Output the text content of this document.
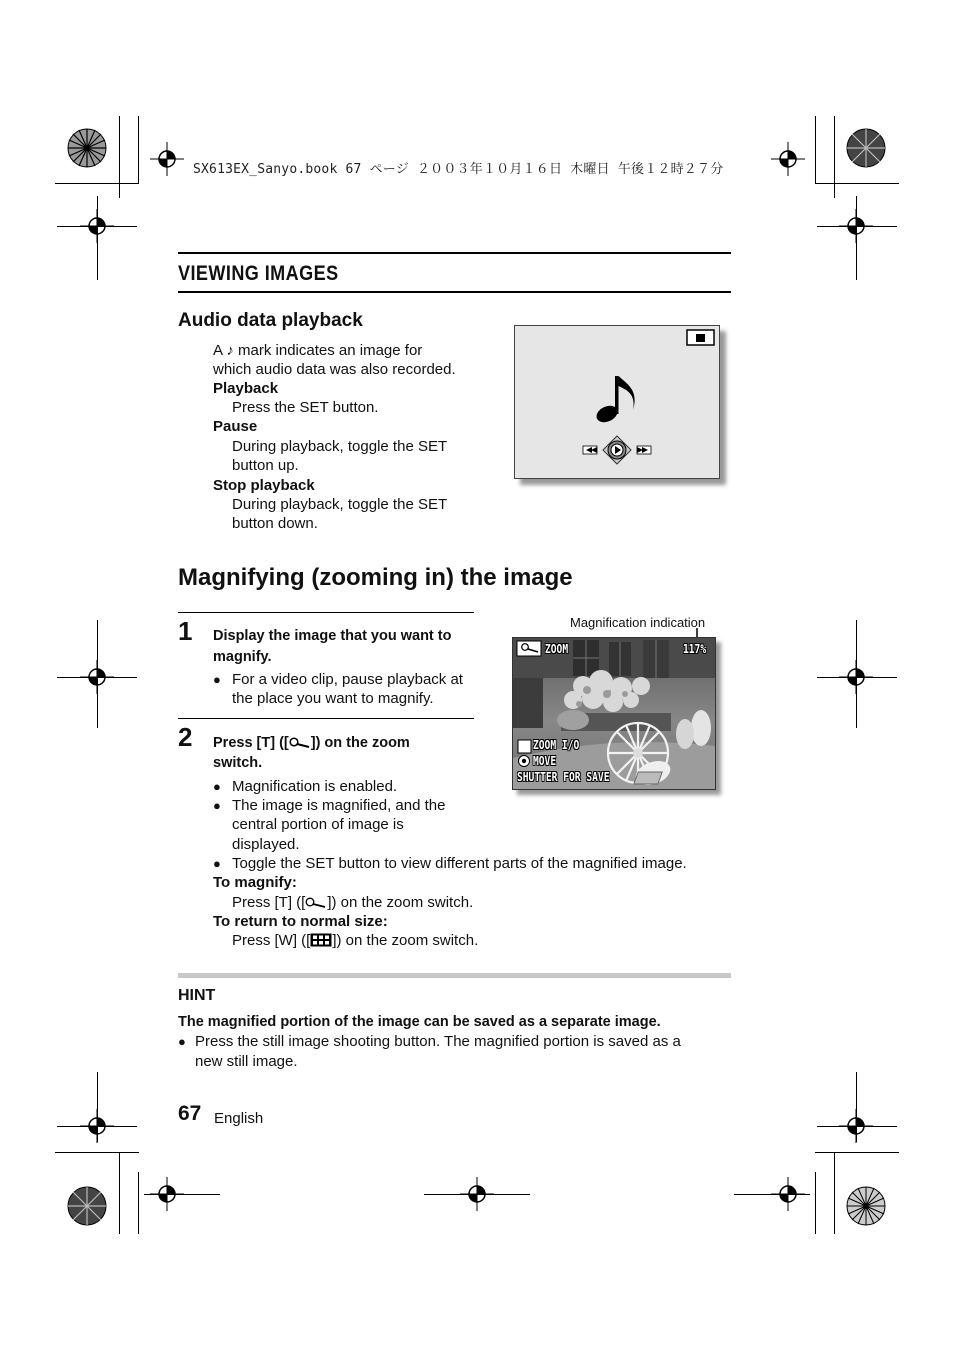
SX613EX_Sanyo.book 67 ページ ２００３年１０月１６日 木曜日 午後１２時２７分
VIEWING IMAGES
Audio data playback
A ♪ mark indicates an image for
which audio data was also recorded.
Playback
Press the SET button.
Pause
During playback, toggle the SET
button up.
Stop playback
During playback, toggle the SET
button down.
Magnifying (zooming in) the image
1 Display the image that you want to
magnify.
● For a video clip, pause playback at
the place you want to magnify.
2 Press [T] ([ ]) on the zoom
switch.
● Magnification is enabled.
● The image is magnified, and the
central portion of image is
displayed.
● Toggle the SET button to view different parts of the magnified image.
To magnify:
Press [T] ([ ]) on the zoom switch.
To return to normal size:
Press [W] ([ ]) on the zoom switch.
Magnification indication
ZOOM	117%
ZOOM I/O
MOVE
SHUTTER FOR SAVE
HINT
The magnified portion of the image can be saved as a separate image.
● Press the still image shooting button. The magnified portion is saved as a
new still image.
67 English
